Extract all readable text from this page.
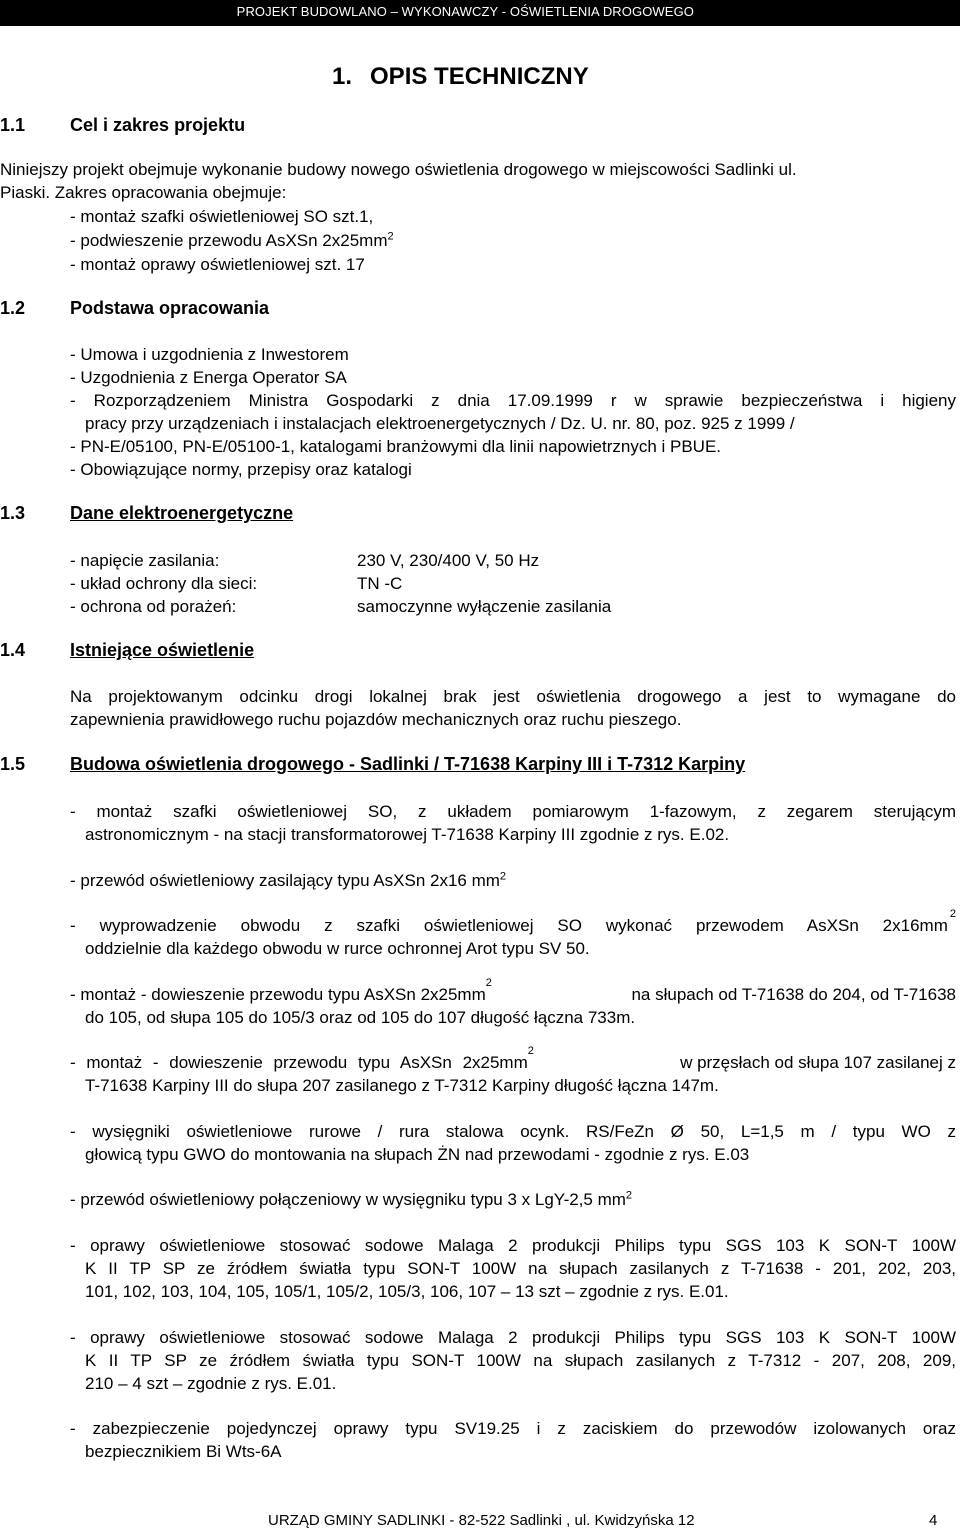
PROJEKT BUDOWLANO – WYKONAWCZY - OŚWIETLENIA DROGOWEGO
1. OPIS TECHNICZNY
1.1 Cel i zakres projektu
Niniejszy projekt obejmuje wykonanie budowy nowego oświetlenia drogowego w miejscowości Sadlinki ul.
Piaski. Zakres opracowania obejmuje:
- montaż szafki oświetleniowej SO szt.1,
- podwieszenie przewodu AsXSn $2x25mm^2$
- montaż oprawy oświetleniowej szt. 17
1.2 Podstawa opracowania
- Umowa i uzgodnienia z Inwestorem
- Uzgodnienia z Energa Operator SA
- Rozporządzeniem Ministra Gospodarki z dnia 17.09.1999 r w sprawie bezpieczeństwa i higieny
pracy przy urządzeniach i instalacjach elektroenergetycznych / Dz. U. nr. 80, poz. 925 z 1999 /
- PN-E/05100, PN-E/05100-1, katalogami branżowymi dla linii napowietrznych i PBUE.
- Obowiązujące normy, przepisy oraz katalogi
1.3 Dane elektroenergetyczne
- napięcie zasilania:	230 V, 230/400 V, 50 Hz
- układ ochrony dla sieci:	TN -C
- ochrona od porażeń:	samoczynne wyłączenie zasilania
1.4 Istniejące oświetlenie
Na projektowanym odcinku drogi lokalnej brak jest oświetlenia drogowego a jest to wymagane do
zapewnienia prawidłowego ruchu pojazdów mechanicznych oraz ruchu pieszego.
1.5 Budowa oświetlenia drogowego - Sadlinki / T-71638 Karpiny III i T-7312 Karpiny
- montaż szafki oświetleniowej SO, z układem pomiarowym 1-fazowym, z zegarem sterującym
astronomicznym - na stacji transformatorowej T-71638 Karpiny III zgodnie z rys. E.02.
- przewód oświetleniowy zasilający typu AsXSn 2x16 $mm^2$
- wyprowadzenie obwodu z szafki oświetleniowej SO wykonać przewodem AsXSn 2x16mm
2
oddzielnie dla każdego obwodu w rurce ochronnej Arot typu SV 50.
- montaż - dowieszenie przewodu typu AsXSn 2x25mm
2
na słupach od T-71638 do 204, od T-71638
do 105, od słupa 105 do 105/3 oraz od 105 do 107 długość łączna 733m.
- montaż - dowieszenie przewodu typu AsXSn 2x25mm
2
w przęsłach od słupa 107 zasilanej z
T-71638 Karpiny III do słupa 207 zasilanego z T-7312 Karpiny długość łączna 147m.
- wysięgniki oświetleniowe rurowe / rura stalowa ocynk. RS/FeZn Ø 50, L=1,5 m / typu WO z
głowicą typu GWO do montowania na słupach ŻN nad przewodami - zgodnie z rys. E.03
- przewód oświetleniowy połączeniowy w wysięgniku typu 3 x LgY-2,5 $mm^2$
- oprawy oświetleniowe stosować sodowe Malaga 2 produkcji Philips typu SGS 103 K SON-T 100W
K II TP SP ze źródłem światła typu SON-T 100W na słupach zasilanych z T-71638 - 201, 202, 203,
101, 102, 103, 104, 105, 105/1, 105/2, 105/3, 106, 107 – 13 szt – zgodnie z rys. E.01.
- oprawy oświetleniowe stosować sodowe Malaga 2 produkcji Philips typu SGS 103 K SON-T 100W
K II TP SP ze źródłem światła typu SON-T 100W na słupach zasilanych z T-7312 - 207, 208, 209,
210 – 4 szt – zgodnie z rys. E.01.
- zabezpieczenie pojedynczej oprawy typu SV19.25 i z zaciskiem do przewodów izolowanych oraz
bezpiecznikiem Bi Wts-6A
URZĄD GMINY SADLINKI - 82-522 Sadlinki , ul. Kwidzyńska 12	4
